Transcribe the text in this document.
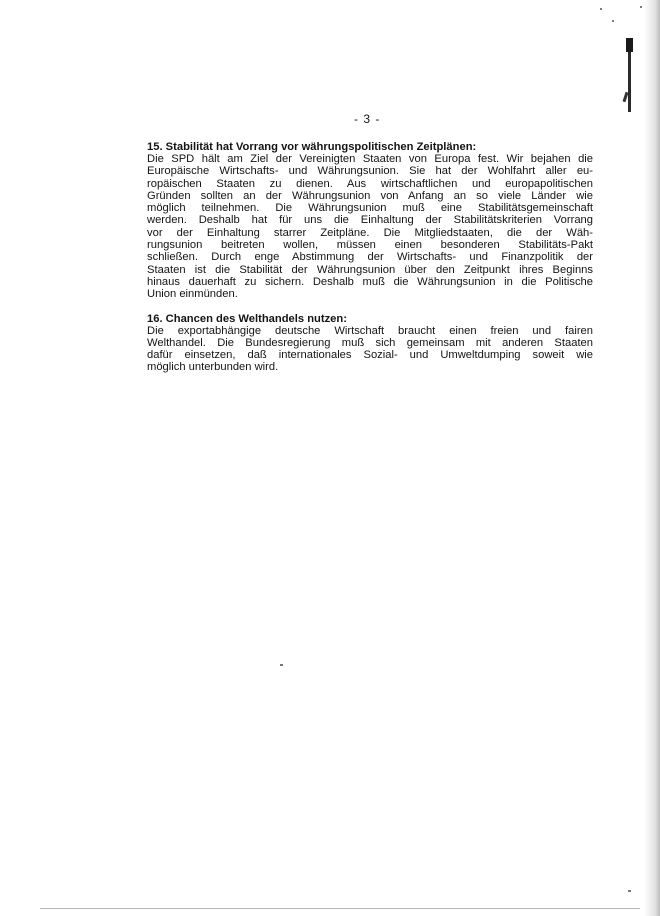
- 3 -

15. Stabilität hat Vorrang vor währungspolitischen Zeitplänen:

Die SPD hält am Ziel der Vereinigten Staaten von Europa fest. Wir bejahen die
Europäische Wirtschafts- und Währungsunion. Sie hat der Wohlfahrt aller eu-
ropäischen Staaten zu dienen. Aus wirtschaftlichen und europapolitischen
Gründen sollten an der Währungsunion von Anfang an so viele Länder wie
möglich teilnehmen. Die Währungsunion muß eine Stabilitätsgemeinschaft
werden. Deshalb hat für uns die Einhaltung der Stabilitätskriterien Vorrang
vor der Einhaltung starrer Zeitpläne. Die Mitgliedstaaten, die der Wäh-
rungsunion beitreten wollen, müssen einen besonderen Stabilitäts-Pakt
schließen. Durch enge Abstimmung der Wirtschafts- und Finanzpolitik der
Staaten ist die Stabilität der Währungsunion über den Zeitpunkt ihres Beginns
hinaus dauerhaft zu sichern. Deshalb muß die Währungsunion in die Politische
Union einmünden.

16. Chancen des Welthandels nutzen:

Die exportabhängige deutsche Wirtschaft braucht einen freien und fairen
Welthandel. Die Bundesregierung muß sich gemeinsam mit anderen Staaten
dafür einsetzen, daß internationales Sozial- und Umweltdumping soweit wie
möglich unterbunden wird.
